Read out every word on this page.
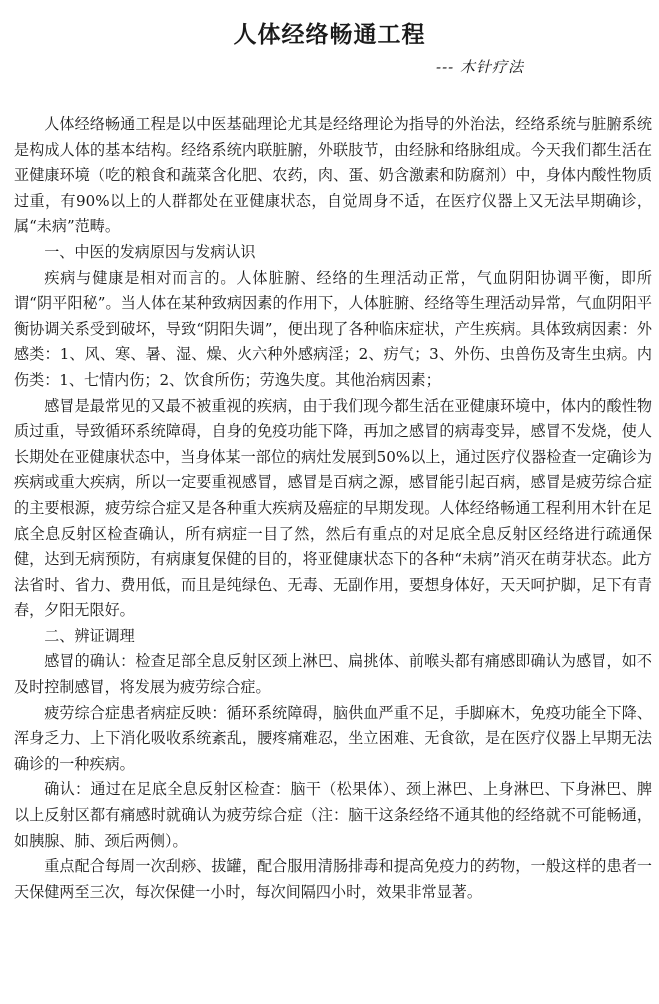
人体经络畅通工程
--- 木针疗法

人体经络畅通工程是以中医基础理论尤其是经络理论为指导的外治法，经络系统与脏腑系统是构成人体的基本结构。经络系统内联脏腑，外联肢节，由经脉和络脉组成。今天我们都生活在亚健康环境（吃的粮食和蔬菜含化肥、农药，肉、蛋、奶含激素和防腐剂）中，身体内酸性物质过重，有90%以上的人群都处在亚健康状态，自觉周身不适，在医疗仪器上又无法早期确诊，属“未病”范畴。

一、中医的发病原因与发病认识

疾病与健康是相对而言的。人体脏腑、经络的生理活动正常，气血阴阳协调平衡，即所谓“阴平阳秘”。当人体在某种致病因素的作用下，人体脏腑、经络等生理活动异常，气血阴阳平衡协调关系受到破坏，导致“阴阳失调”，便出现了各种临床症状，产生疾病。具体致病因素：外感类：1、风、寒、暑、湿、燥、火六种外感病淫；2、疠气；3、外伤、虫兽伤及寄生虫病。内伤类：1、七情内伤；2、饮食所伤；劳逸失度。其他治病因素；

感冒是最常见的又最不被重视的疾病，由于我们现今都生活在亚健康环境中，体内的酸性物质过重，导致循环系统障碍，自身的免疫功能下降，再加之感冒的病毒变异，感冒不发烧，使人长期处在亚健康状态中，当身体某一部位的病灶发展到50%以上，通过医疗仪器检查一定确诊为疾病或重大疾病，所以一定要重视感冒，感冒是百病之源，感冒能引起百病，感冒是疲劳综合症的主要根源，疲劳综合症又是各种重大疾病及癌症的早期发现。人体经络畅通工程利用木针在足底全息反射区检查确认，所有病症一目了然，然后有重点的对足底全息反射区经络进行疏通保健，达到无病预防，有病康复保健的目的，将亚健康状态下的各种“未病”消灭在萌芽状态。此方法省时、省力、费用低，而且是纯绿色、无毒、无副作用，要想身体好，天天呵护脚，足下有青春，夕阳无限好。

二、辨证调理

感冒的确认：检查足部全息反射区颈上淋巴、扁挑体、前喉头都有痛感即确认为感冒，如不及时控制感冒，将发展为疲劳综合症。

疲劳综合症患者病症反映：循环系统障碍，脑供血严重不足，手脚麻木，免疫功能全下降、浑身乏力、上下消化吸收系统紊乱，腰疼痛难忍，坐立困难、无食欲，是在医疗仪器上早期无法确诊的一种疾病。

确认：通过在足底全息反射区检查：脑干（松果体）、颈上淋巴、上身淋巴、下身淋巴、脾以上反射区都有痛感时就确认为疲劳综合症（注：脑干这条经络不通其他的经络就不可能畅通，如胰腺、肺、颈后两侧）。

重点配合每周一次刮痧、拔罐，配合服用清肠排毒和提高免疫力的药物，一般这样的患者一天保健两至三次，每次保健一小时，每次间隔四小时，效果非常显著。
